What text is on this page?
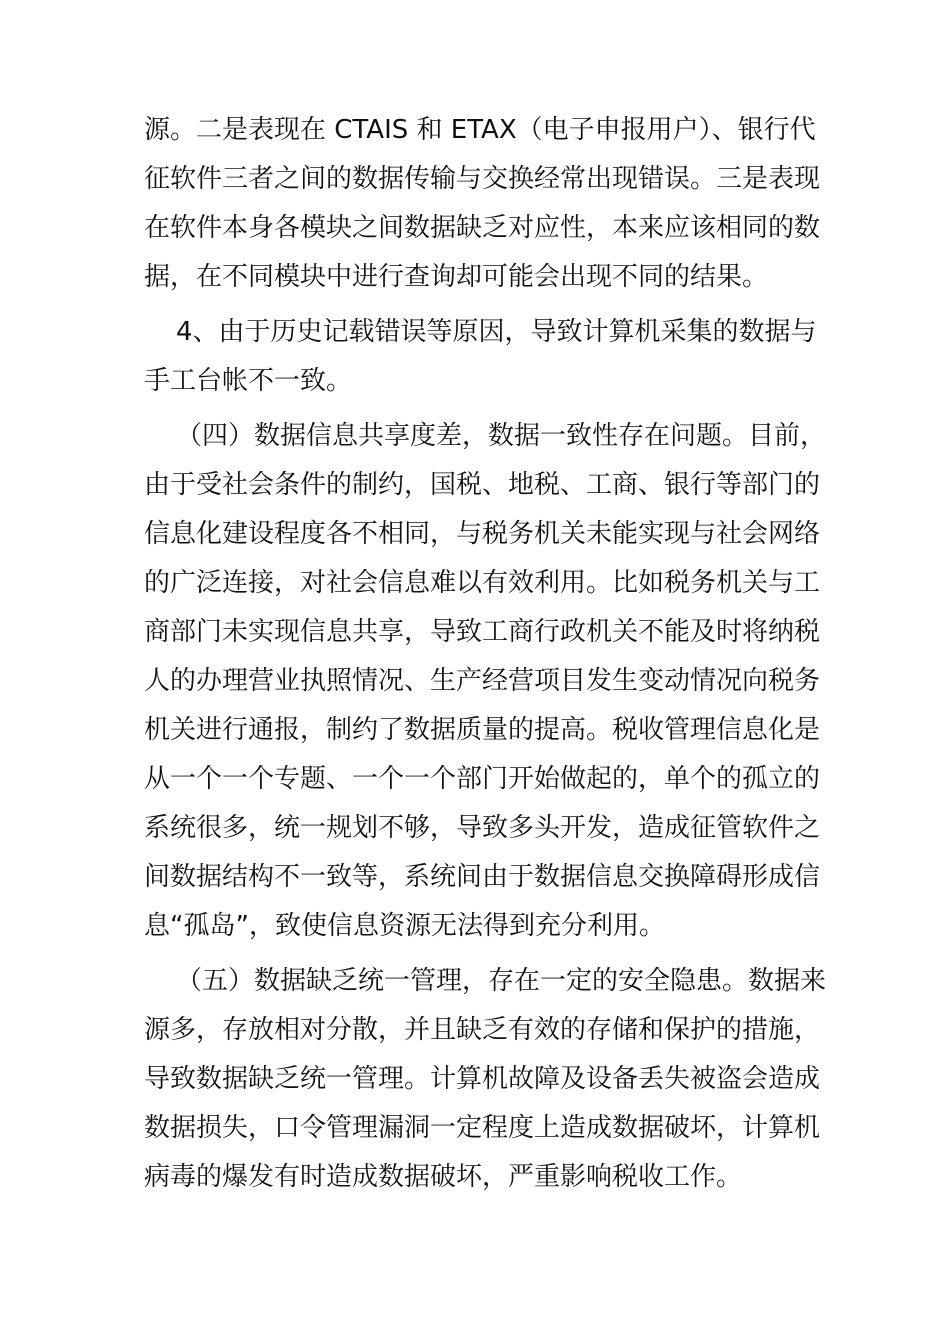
源。二是表现在 CTAIS 和 ETAX（电子申报用户）、银行代
征软件三者之间的数据传输与交换经常出现错误。三是表现
在软件本身各模块之间数据缺乏对应性，本来应该相同的数
据，在不同模块中进行查询却可能会出现不同的结果。
4、由于历史记载错误等原因，导致计算机采集的数据与
手工台帐不一致。
（四）数据信息共享度差，数据一致性存在问题。目前，
由于受社会条件的制约，国税、地税、工商、银行等部门的
信息化建设程度各不相同，与税务机关未能实现与社会网络
的广泛连接，对社会信息难以有效利用。比如税务机关与工
商部门未实现信息共享，导致工商行政机关不能及时将纳税
人的办理营业执照情况、生产经营项目发生变动情况向税务
机关进行通报，制约了数据质量的提高。税收管理信息化是
从一个一个专题、一个一个部门开始做起的，单个的孤立的
系统很多，统一规划不够，导致多头开发，造成征管软件之
间数据结构不一致等，系统间由于数据信息交换障碍形成信
息“孤岛”，致使信息资源无法得到充分利用。
（五）数据缺乏统一管理，存在一定的安全隐患。数据来
源多，存放相对分散，并且缺乏有效的存储和保护的措施，
导致数据缺乏统一管理。计算机故障及设备丢失被盗会造成
数据损失，口令管理漏洞一定程度上造成数据破坏，计算机
病毒的爆发有时造成数据破坏，严重影响税收工作。
